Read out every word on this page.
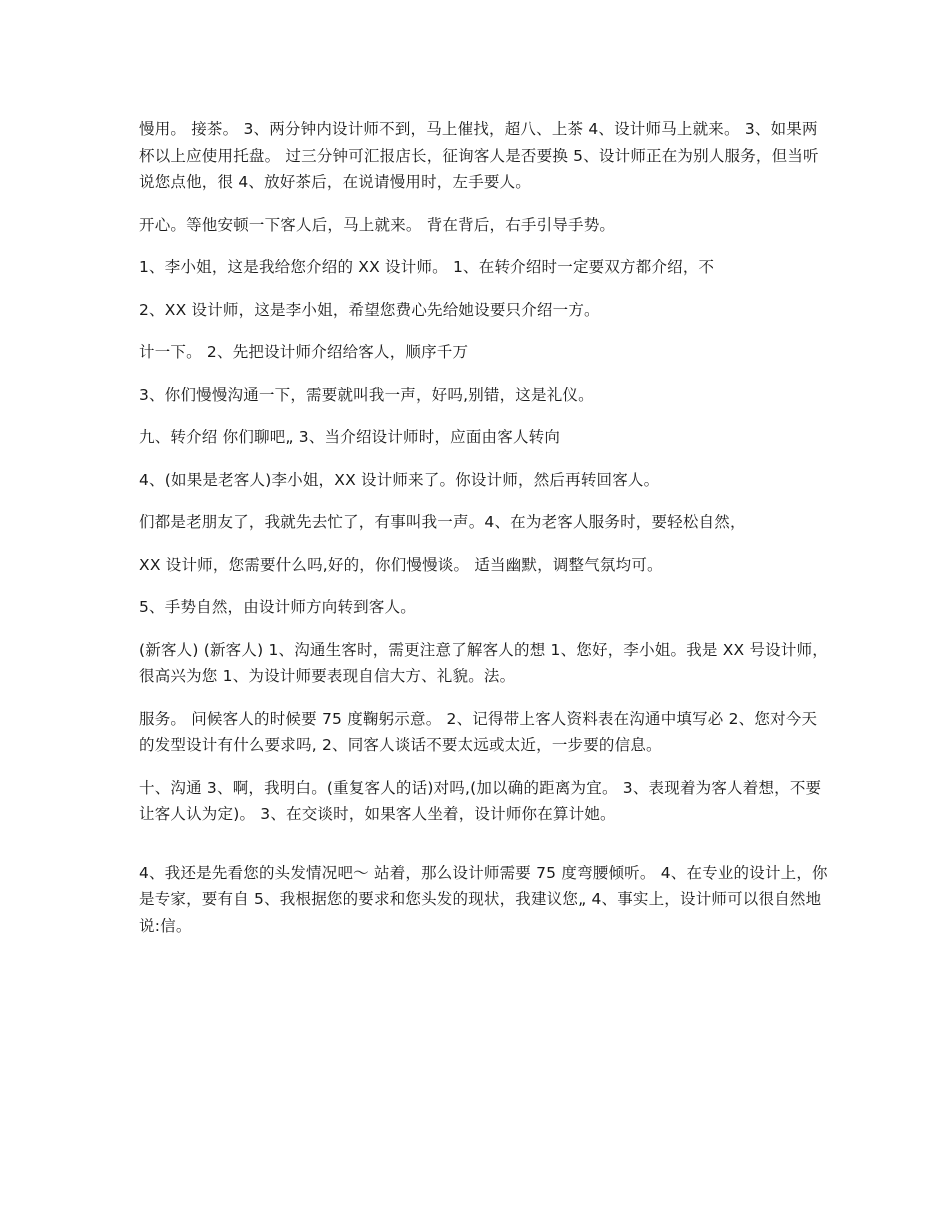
慢用。 接茶。 3、两分钟内设计师不到，马上催找，超八、上茶 4、设计师马上就来。 3、如果两杯以上应使用托盘。 过三分钟可汇报店长，征询客人是否要换 5、设计师正在为别人服务，但当听说您点他，很 4、放好茶后，在说请慢用时，左手要人。

开心。等他安顿一下客人后，马上就来。 背在背后，右手引导手势。

1、李小姐，这是我给您介绍的 XX 设计师。 1、在转介绍时一定要双方都介绍，不

2、XX 设计师，这是李小姐，希望您费心先给她设要只介绍一方。

计一下。 2、先把设计师介绍给客人，顺序千万

3、你们慢慢沟通一下，需要就叫我一声，好吗,别错，这是礼仪。

九、转介绍 你们聊吧„ 3、当介绍设计师时，应面由客人转向

4、(如果是老客人)李小姐，XX 设计师来了。你设计师，然后再转回客人。

们都是老朋友了，我就先去忙了，有事叫我一声。4、在为老客人服务时，要轻松自然，

XX 设计师，您需要什么吗,好的，你们慢慢谈。 适当幽默，调整气氛均可。

5、手势自然，由设计师方向转到客人。

(新客人) (新客人) 1、沟通生客时，需更注意了解客人的想 1、您好，李小姐。我是 XX 号设计师，很高兴为您 1、为设计师要表现自信大方、礼貌。法。

服务。 问候客人的时候要 75 度鞠躬示意。 2、记得带上客人资料表在沟通中填写必 2、您对今天的发型设计有什么要求吗, 2、同客人谈话不要太远或太近，一步要的信息。

十、沟通 3、啊，我明白。(重复客人的话)对吗,(加以确的距离为宜。 3、表现着为客人着想，不要让客人认为定)。 3、在交谈时，如果客人坐着，设计师你在算计她。

4、我还是先看您的头发情况吧～ 站着，那么设计师需要 75 度弯腰倾听。 4、在专业的设计上，你是专家，要有自 5、我根据您的要求和您头发的现状，我建议您„ 4、事实上，设计师可以很自然地说:信。
